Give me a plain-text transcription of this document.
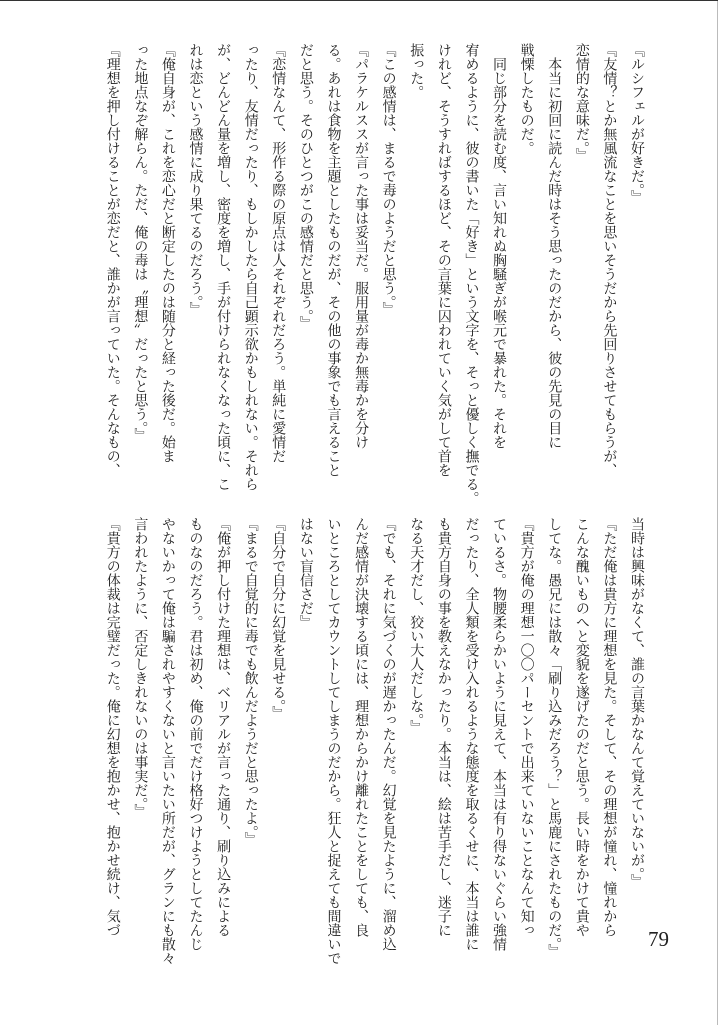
『ルシフェルが好きだ。』
『友情？とか無風流なことを思いそうだから先回りさせてもらうが、
恋情的な意味だ。』
　本当に初回に読んだ時はそう思ったのだから、彼の先見の目に
戦慄したものだ。
　同じ部分を読む度、言い知れぬ胸騒ぎが喉元で暴れた。それを
宥めるように、彼の書いた「好き」という文字を、そっと優しく撫でる。
けれど、そうすればするほど、その言葉に囚われていく気がして首を
振った。
『この感情は、まるで毒のようだと思う。』
『パラケルススが言った事は妥当だ。服用量が毒か無毒かを分け
る。あれは食物を主題としたものだが、その他の事象でも言えること
だと思う。そのひとつがこの感情だと思う。』
『恋情なんて、形作る際の原点は人それぞれだろう。単純に愛情だ
ったり、友情だったり、もしかしたら自己顕示欲かもしれない。それら
が、どんどん量を増し、密度を増し、手が付けられなくなった頃に、こ
れは恋という感情に成り果てるのだろう。』
『俺自身が、これを恋心だと断定したのは随分と経った後だ。始ま
った地点なぞ解らん。ただ、俺の毒は〝理想〟だったと思う。』
『理想を押し付けることが恋だと、誰かが言っていた。そんなもの、
当時は興味がなくて、誰の言葉かなんて覚えていないが。』
『ただ俺は貴方に理想を見た。そして、その理想が憧れ、憧れから
こんな醜いものへと変貌を遂げたのだと思う。長い時をかけて貴や
してな。愚兄には散々「刷り込みだろう？」と馬鹿にされたものだ。』
『貴方が俺の理想一〇〇パーセントで出来ていないことなんて知っ
ているさ。物腰柔らかいように見えて、本当は有り得ないぐらい強情
だったり、全人類を受け入れるような態度を取るくせに、本当は誰に
も貴方自身の事を教えなかったり。本当は、絵は苦手だし、迷子に
なる天才だし、狡い大人だしな。』
『でも、それに気づくのが遅かったんだ。幻覚を見たように、溜め込
んだ感情が決壊する頃には、理想からかけ離れたことをしても、良
いところとしてカウントしてしまうのだから。狂人と捉えても間違いで
はない盲信さだ』
『自分で自分に幻覚を見せる。』
『まるで自覚的に毒でも飲んだようだと思ったよ。』
『俺が押し付けた理想は、ベリアルが言った通り、刷り込みによる
ものなのだろう。君は初め、俺の前でだけ格好つけようとしてたんじ
やないかって俺は騙されやすくないと言いたい所だが、グランにも散々
言われたように、否定しきれないのは事実だ。』
『貴方の体裁は完璧だった。俺に幻想を抱かせ、抱かせ続け、気づ
79
